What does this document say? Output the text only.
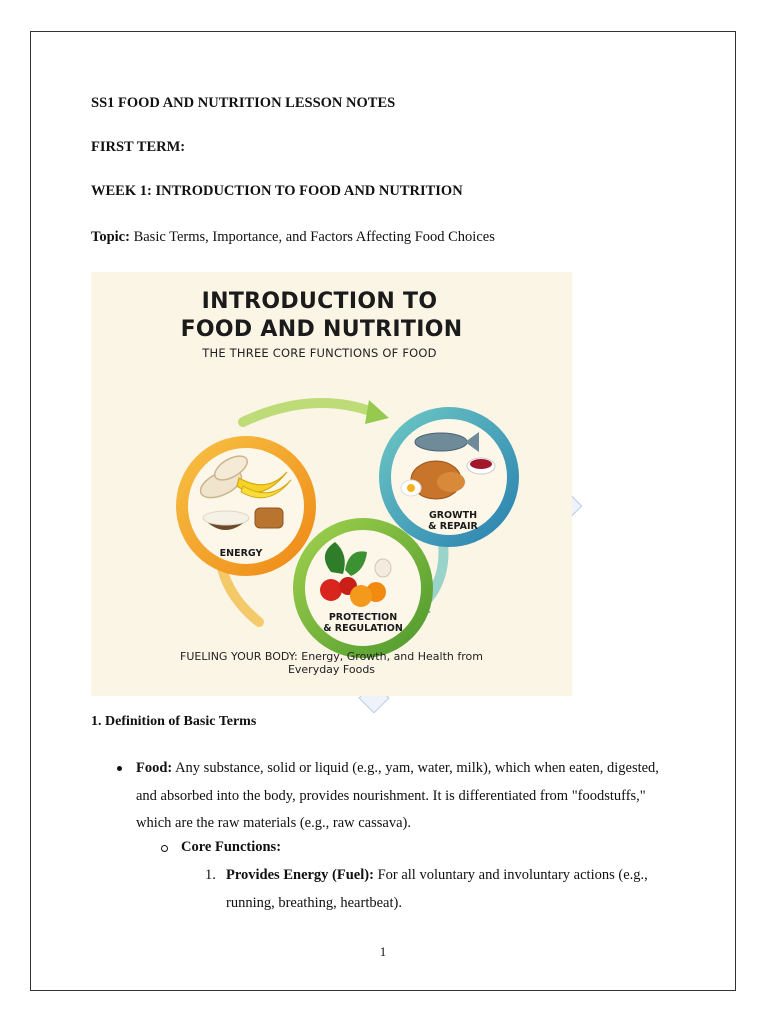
SS1 FOOD AND NUTRITION LESSON NOTES
FIRST TERM:
WEEK 1: INTRODUCTION TO FOOD AND NUTRITION
Topic: Basic Terms, Importance, and Factors Affecting Food Choices
INTRODUCTION TO
FOOD AND NUTRITION
THE THREE CORE FUNCTIONS OF FOOD
ENERGY
GROWTH
& REPAIR
PROTECTION
& REGULATION
FUELING YOUR BODY: Energy, Growth, and Health from
Everyday Foods
1. Definition of Basic Terms
Food: Any substance, solid or liquid (e.g., yam, water, milk), which when eaten, digested,
and absorbed into the body, provides nourishment. It is differentiated from "foodstuffs,"
which are the raw materials (e.g., raw cassava).
Core Functions:
1. Provides Energy (Fuel): For all voluntary and involuntary actions (e.g.,
running, breathing, heartbeat).
1
